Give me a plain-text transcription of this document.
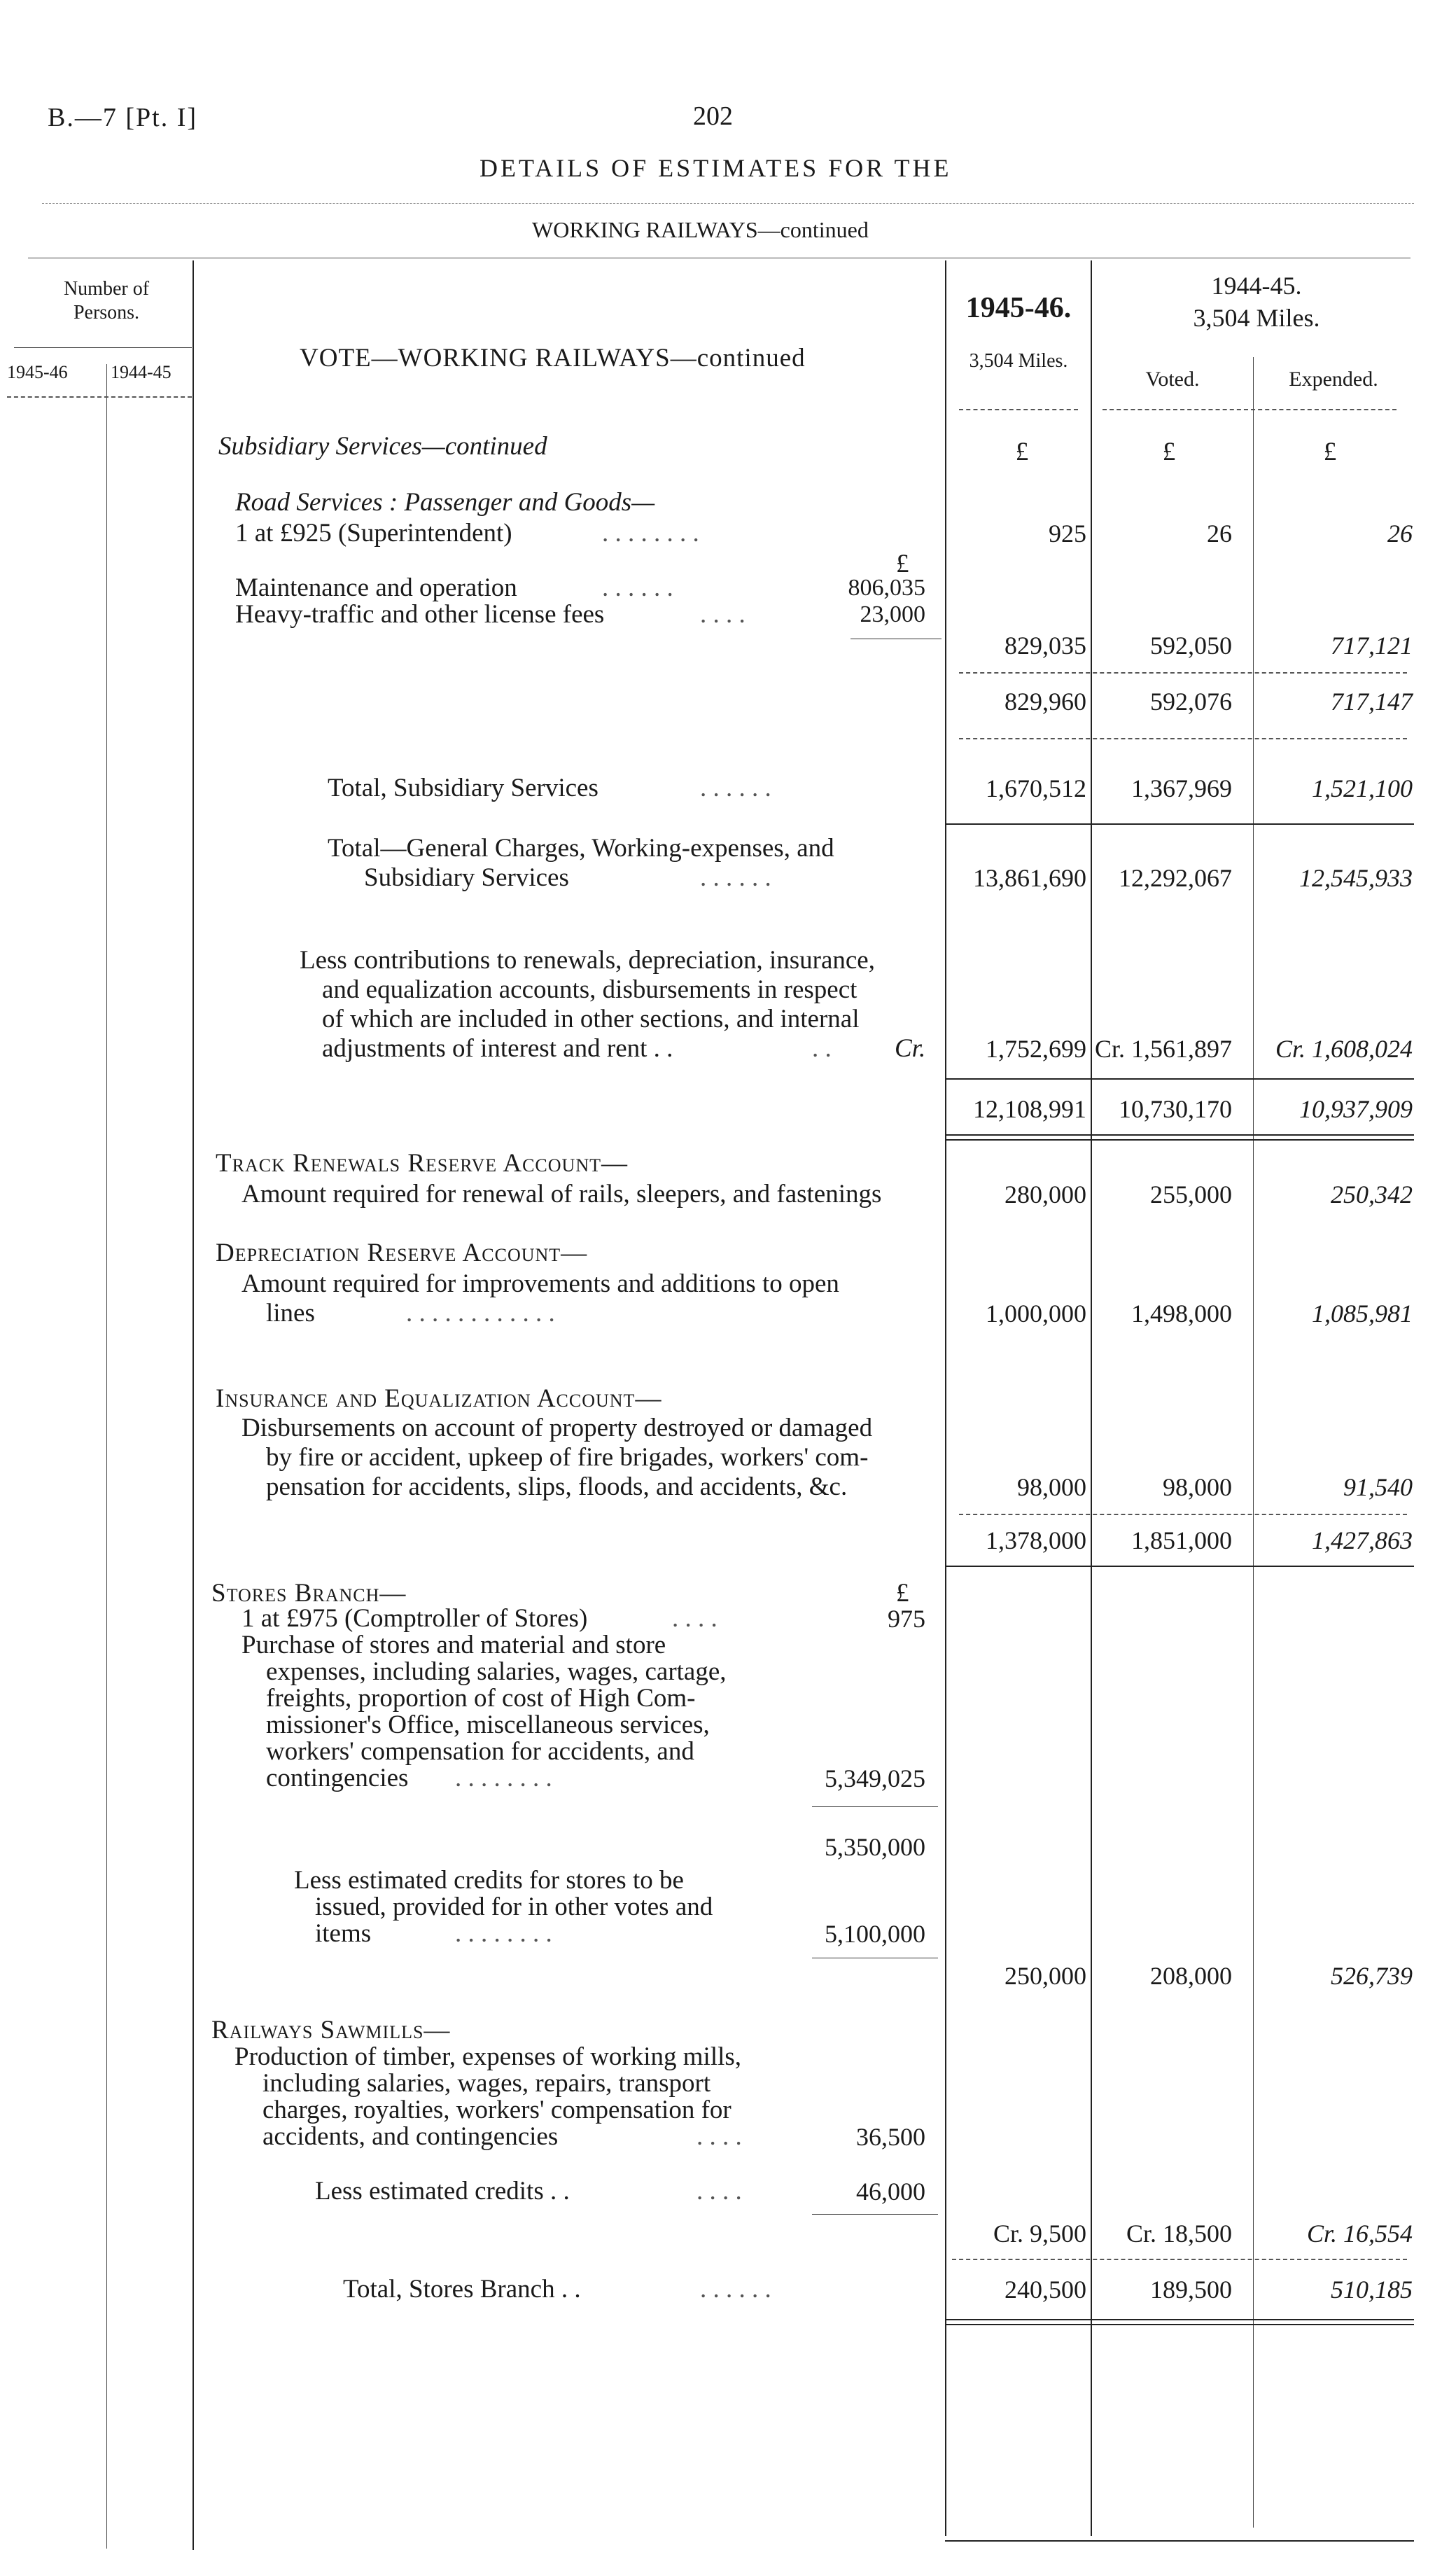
B.—7 [Pt. I]	202
DETAILS OF ESTIMATES FOR THE
WORKING RAILWAYS—continued
Number of Persons.
1945-46 1944-45	VOTE—WORKING RAILWAYS—continued
1945-46.
3,504 Miles.
1944-45.
3,504 Miles.
Voted.	Expended.
£	£	£
Subsidiary Services—continued
Road Services : Passenger and Goods—
1 at £925 (Superintendent)	. . . . . . . .	925	26	26
£
Maintenance and operation	. . . . . .	806,035
Heavy-traffic and other license fees	. . . .	23,000
829,035	592,050	717,121
829,960	592,076	717,147
Total, Subsidiary Services	. . . . . .	1,670,512	1,367,969	1,521,100
Total—General Charges, Working-expenses, and
Subsidiary Services	. . . . . .	13,861,690	12,292,067	12,545,933
Less contributions to renewals, depreciation, insurance,
and equalization accounts, disbursements in respect
of which are included in other sections, and internal
adjustments of interest and rent . .	. . Cr.	1,752,699 Cr. 1,561,897	Cr. 1,608,024
12,108,991	10,730,170	10,937,909
Track Renewals Reserve Account—
Amount required for renewal of rails, sleepers, and fastenings	280,000	255,000	250,342
Depreciation Reserve Account—
Amount required for improvements and additions to open
lines	. . . . . . . . . . . .	1,000,000	1,498,000	1,085,981
Insurance and Equalization Account—
Disbursements on account of property destroyed or damaged
by fire or accident, upkeep of fire brigades, workers' com-
pensation for accidents, slips, floods, and accidents, &c.	98,000	98,000	91,540
1,378,000	1,851,000	1,427,863
Stores Branch—	£
1 at £975 (Comptroller of Stores)	. . . .	975
Purchase of stores and material and store
expenses, including salaries, wages, cartage,
freights, proportion of cost of High Com-
missioner's Office, miscellaneous services,
workers' compensation for accidents, and
contingencies . . . . . . . .	5,349,025
5,350,000
Less estimated credits for stores to be
issued, provided for in other votes and
items	. . . . . . . .	5,100,000
250,000	208,000	526,739
Railways Sawmills—
Production of timber, expenses of working mills,
including salaries, wages, repairs, transport
charges, royalties, workers' compensation for
accidents, and contingencies	. . . .	36,500
Less estimated credits . .	. . . .	46,000
Cr. 9,500	Cr. 18,500	Cr. 16,554
Total, Stores Branch . .	. . . . . .	240,500	189,500	510,185
